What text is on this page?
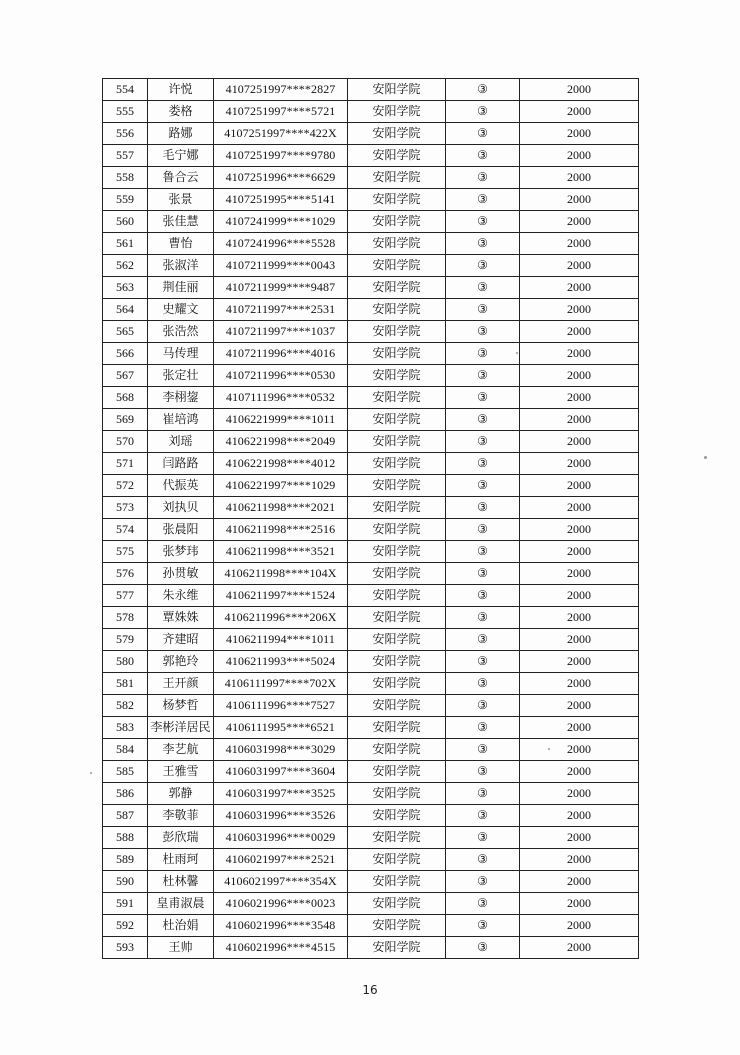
554	许悦	4107251997****2827	安阳学院	③	2000
555	娄格	4107251997****5721	安阳学院	③	2000
556	路娜	4107251997****422X	安阳学院	③	2000
557	毛宁娜	4107251997****9780	安阳学院	③	2000
558	鲁合云	4107251996****6629	安阳学院	③	2000
559	张景	4107251995****5141	安阳学院	③	2000
560	张佳慧	4107241999****1029	安阳学院	③	2000
561	曹怡	4107241996****5528	安阳学院	③	2000
562	张淑洋	4107211999****0043	安阳学院	③	2000
563	荆佳丽	4107211999****9487	安阳学院	③	2000
564	史耀文	4107211997****2531	安阳学院	③	2000
565	张浩然	4107211997****1037	安阳学院	③	2000
566	马传理	4107211996****4016	安阳学院	③	2000
567	张定壮	4107211996****0530	安阳学院	③	2000
568	李栩鋆	4107111996****0532	安阳学院	③	2000
569	崔培鸿	4106221999****1011	安阳学院	③	2000
570	刘瑶	4106221998****2049	安阳学院	③	2000
571	闫路路	4106221998****4012	安阳学院	③	2000
572	代振英	4106221997****1029	安阳学院	③	2000
573	刘执贝	4106211998****2021	安阳学院	③	2000
574	张晨阳	4106211998****2516	安阳学院	③	2000
575	张梦玮	4106211998****3521	安阳学院	③	2000
576	孙贯敏	4106211998****104X	安阳学院	③	2000
577	朱永维	4106211997****1524	安阳学院	③	2000
578	覃姝姝	4106211996****206X	安阳学院	③	2000
579	齐建昭	4106211994****1011	安阳学院	③	2000
580	郭艳玲	4106211993****5024	安阳学院	③	2000
581	王开颜	4106111997****702X	安阳学院	③	2000
582	杨梦哲	4106111996****7527	安阳学院	③	2000
583	李彬洋居民	4106111995****6521	安阳学院	③	2000
584	李艺航	4106031998****3029	安阳学院	③	2000
585	王雅雪	4106031997****3604	安阳学院	③	2000
586	郭静	4106031997****3525	安阳学院	③	2000
587	李敬菲	4106031996****3526	安阳学院	③	2000
588	彭欣瑞	4106031996****0029	安阳学院	③	2000
589	杜雨珂	4106021997****2521	安阳学院	③	2000
590	杜林馨	4106021997****354X	安阳学院	③	2000
591	皇甫淑晨	4106021996****0023	安阳学院	③	2000
592	杜治娟	4106021996****3548	安阳学院	③	2000
593	王帅	4106021996****4515	安阳学院	③	2000
16
